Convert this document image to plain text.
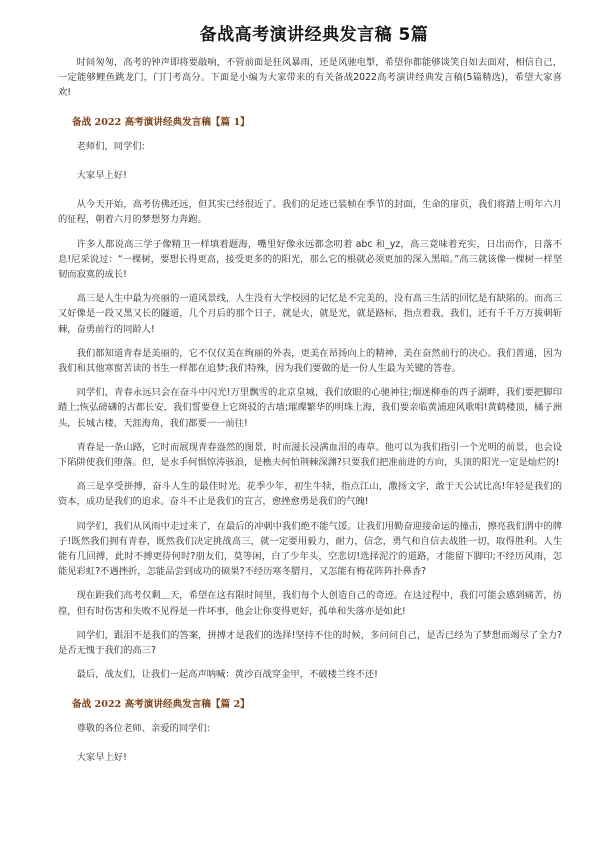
备战高考演讲经典发言稿 5篇

时间匆匆，高考的钟声即将要敲响，不管前面是狂风暴雨，还是风驰电掣，希望你都能够谈笑自如去面对，相信自己，一定能够鲤鱼跳龙门，门门考高分。下面是小编为大家带来的有关备战2022高考演讲经典发言稿(5篇精选)，希望大家喜欢!

备战 2022 高考演讲经典发言稿【篇 1】

老师们，同学们:

大家早上好!

从今天开始，高考仿佛还远，但其实已经很近了。我们的足迹已装帧在季节的封面，生命的扉页，我们将踏上明年六月的征程，朝着六月的梦想努力奔跑。

许多人都说高三学子像精卫一样填着题海，嘴里好像永远都念叨着 abc 和_yz，高三竟味着充实，日出而作，日落不息!尼采说过：“一棵树，要想长得更高，接受更多的的阳光，那么它的根就必须更加的深入黑暗。”高三就该像一棵树一样坚韧而寂寞的成长!

高三是人生中最为亮丽的一道风景线，人生没有大学校园的记忆是不完美的，没有高三生活的回忆是有缺陷的。而高三又好像是一段又黑又长的隧道，几个月后的那个日子，就是火，就是光，就是路标，指点着我，我们，还有千千万万拔刺斩棘，奋勇前行的同龄人!

我们都知道青春是美丽的，它不仅仅美在绚丽的外表，更美在昂扬向上的精神，美在奋然前行的决心。我们普通，因为我们和其他寒窗苦读的书生一样都在追梦;我们特殊，因为我们要做的是一份人生最为关键的答卷。

同学们，青春永远只会在奋斗中闪光!万里飘雪的北京皇城，我们放眼的心驰神往;烟迷柳垂的西子湖畔，我们要把脚印踏上;恢弘磅礴的古都长安，我们誓要登上它斑驳的古墙;璀璨繁华的明珠上海，我们要亲临黄浦迎风歌唱!黄鹤楼顶，橘子洲头，长城古楼，天涯海角，我们都要一一前往!

青春是一条山路，它时而展现青春盎然的图景，时而滋长浸满血泪的毒草。他可以为我们指引一个光明的前景，也会设下陷阱使我们堕落。但，是水手何惧惊涛骇浪，是樵夫何怕荆棘深渊?只要我们把准前进的方向，头顶的阳光一定是灿烂的!

高三是享受拼搏，奋斗人生的最佳时光。花季少年，初生牛犊，指点江山，激扬文字，敢于天公试比高!年轻是我们的资本，成功是我们的追求。奋斗不止是我们的宣言，愈挫愈勇是我们的气魄!

同学们，我们从风雨中走过来了，在最后的冲刺中我们绝不能气馁。让我们用勤奋迎接命运的撞击，擦亮我们渭中的牌子!既然我们拥有青春，既然我们决定挑战高三，就一定要用毅力，耐力，信念，勇气和自信去战胜一切，取得胜利。人生能有几回搏，此时不搏更待何时?朋友们，莫等闲，白了少年头，空悲切!选择泥泞的道路，才能留下脚印;不经历风雨，怎能见彩虹?不遇挫折，怎能品尝到成功的硕果?不经历寒冬腊月，又怎能有梅花阵阵扑鼻香?

现在距我们高考仅剩＿天，希望在这有限时间里，我们每个人创造自己的奇迹。在这过程中，我们可能会感到痛苦，彷徨，但有时伤害和失败不见得是一件坏事，他会让你变得更好，孤单和失落亦是如此!

同学们，跟泪不是我们的答案，拼搏才是我们的选择!坚持不住的时候，多问问自己，是否已经为了梦想而竭尽了全力?是否无愧于我们的高三?

最后，战友们，让我们一起高声呐喊：黄沙百战穿金甲，不破楼兰终不还!

备战 2022 高考演讲经典发言稿【篇 2】

尊敬的各位老师、亲爱的同学们:

大家早上好!
